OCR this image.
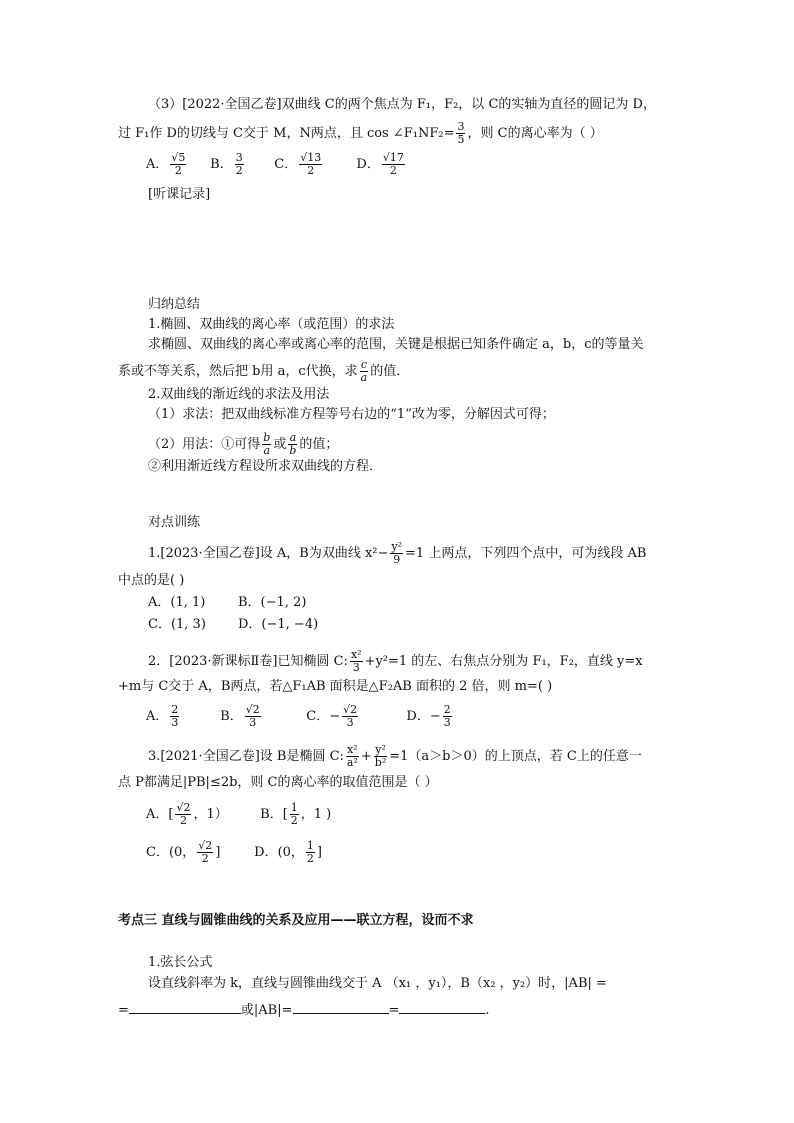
（3）[2022·全国乙卷]双曲线 C的两个焦点为 F₁，F₂，以 C的实轴为直径的圆记为 D，
过 F₁作 D的切线与 C交于 M，N两点，且 cos ∠F₁NF₂= $\frac{3}{5}$ ，则 C的离心率为（ ）
A． $\frac{√5}{2}$ B． $\frac{3}{2}$ C． $\frac{√13}{2}$	D． $\frac{√17}{2}$
[听课记录]
归纳总结
1.椭圆、双曲线的离心率（或范围）的求法
求椭圆、双曲线的离心率或离心率的范围，关键是根据已知条件确定 a，b，c的等量关
系或不等关系，然后把 b用 a，c代换，求 $\frac{c}{a}$ 的值．
2.双曲线的渐近线的求法及用法
（1）求法：把双曲线标准方程等号右边的“1”改为零，分解因式可得；
（2）用法：①可得 $\frac{b}{a}$ 或 $\frac{a}{b}$ 的值；
②利用渐近线方程设所求双曲线的方程．
对点训练
1.[2023·全国乙卷]设 A，B为双曲线 $x^2- \frac{\text{y²}}{9} =1$ 上两点，下列四个点中，可为线段 AB
中点的是( )
A．(1, 1)	B．(−1, 2)
C．(1, 3) D．(−1, −4)
2．[2023·新课标Ⅱ卷]已知椭圆 C: $\frac{\text{x²}}{3} +y^2=1$ 的左、右焦点分别为 F₁，F₂，直线 y=x
+m与 C交于 A，B两点，若△F₁AB 面积是△F₂AB 面积的 2 倍，则 m=( )
A． $\frac{2}{3}$	B． $\frac{√2}{3}$	C．− $\frac{√2}{3}$	D．− $\frac{2}{3}$
3.[2021·全国乙卷]设 B是椭圆 C: $\frac{\text{x²}}{\text{a²}} + \frac{\text{y²}}{\text{b²}} =1(a>b>0)$的上顶点，若 C上的任意一
点 P都满足|PB|≤2b，则 C的离心率的取值范围是（ ）
A．[ $\frac{√2}{2}$ ，1） B．[ $\frac{1}{2}$ ，1 )
C．(0， $\frac{√2}{2}$ ]	D．(0， $\frac{1}{2}$ ]
考点三 直线与圆锥曲线的关系及应用——联立方程，设而不求
1.弦长公式
设直线斜率为 k，直线与圆锥曲线交于 A （x₁ ，y₁），B（x₂ ，y₂）时，|AB| =
=	或|AB|=	=	.
